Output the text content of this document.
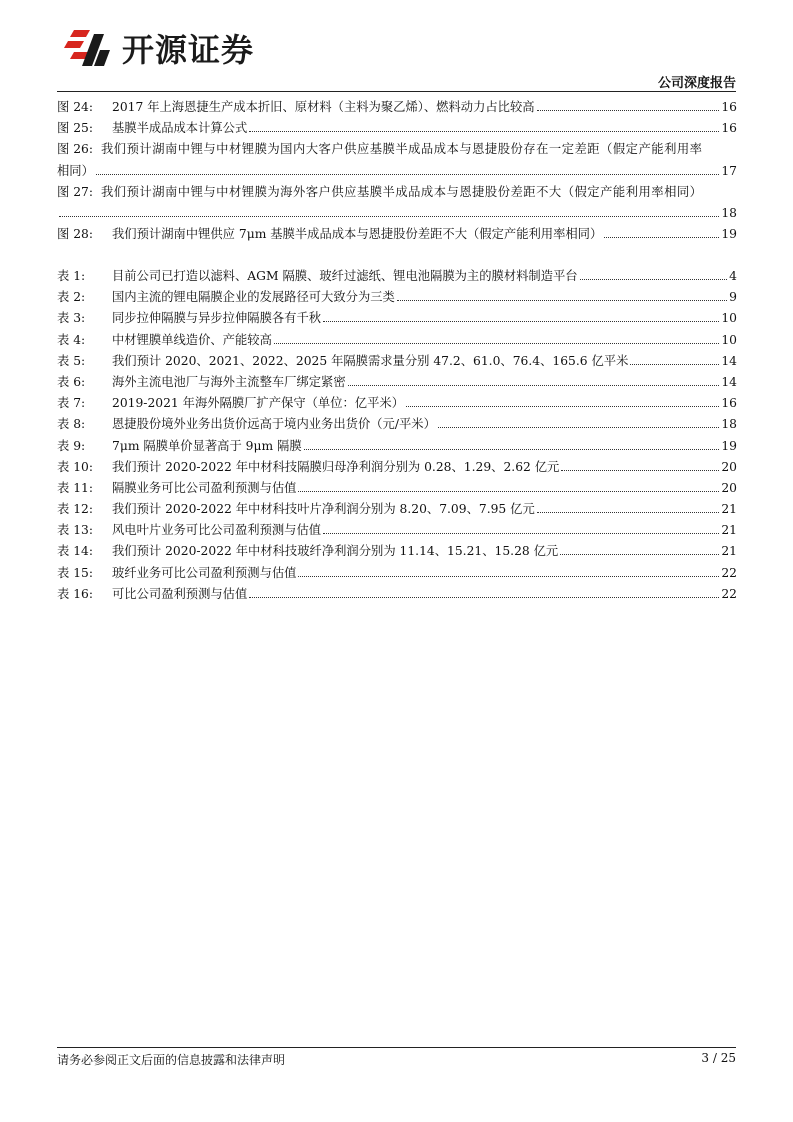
开源证券
公司深度报告
图 24:	2017 年上海恩捷生产成本折旧、原材料（主料为聚乙烯）、燃料动力占比较高	16
图 25:	基膜半成品成本计算公式	16
图 26: 我们预计湖南中锂与中材锂膜为国内大客户供应基膜半成品成本与恩捷股份存在一定差距（假定产能利用率
相同）	17
图 27: 我们预计湖南中锂与中材锂膜为海外客户供应基膜半成品成本与恩捷股份差距不大（假定产能利用率相同）
18
图 28:	我们预计湖南中锂供应 7μm 基膜半成品成本与恩捷股份差距不大（假定产能利用率相同）	19
表 1:	目前公司已打造以滤料、AGM 隔膜、玻纤过滤纸、锂电池隔膜为主的膜材料制造平台	4
表 2:	国内主流的锂电隔膜企业的发展路径可大致分为三类	9
表 3:	同步拉伸隔膜与异步拉伸隔膜各有千秋	10
表 4:	中材锂膜单线造价、产能较高	10
表 5:	我们预计 2020、2021、2022、2025 年隔膜需求量分别 47.2、61.0、76.4、165.6 亿平米	14
表 6:	海外主流电池厂与海外主流整车厂绑定紧密	14
表 7:	2019-2021 年海外隔膜厂扩产保守（单位：亿平米）	16
表 8:	恩捷股份境外业务出货价远高于境内业务出货价（元/平米）	18
表 9:	7μm 隔膜单价显著高于 9μm 隔膜	19
表 10:	我们预计 2020-2022 年中材科技隔膜归母净利润分别为 0.28、1.29、2.62 亿元	20
表 11:	隔膜业务可比公司盈利预测与估值	20
表 12:	我们预计 2020-2022 年中材科技叶片净利润分别为 8.20、7.09、7.95 亿元	21
表 13:	风电叶片业务可比公司盈利预测与估值	21
表 14:	我们预计 2020-2022 年中材科技玻纤净利润分别为 11.14、15.21、15.28 亿元	21
表 15:	玻纤业务可比公司盈利预测与估值	22
表 16:	可比公司盈利预测与估值	22
请务必参阅正文后面的信息披露和法律声明	3 / 25
